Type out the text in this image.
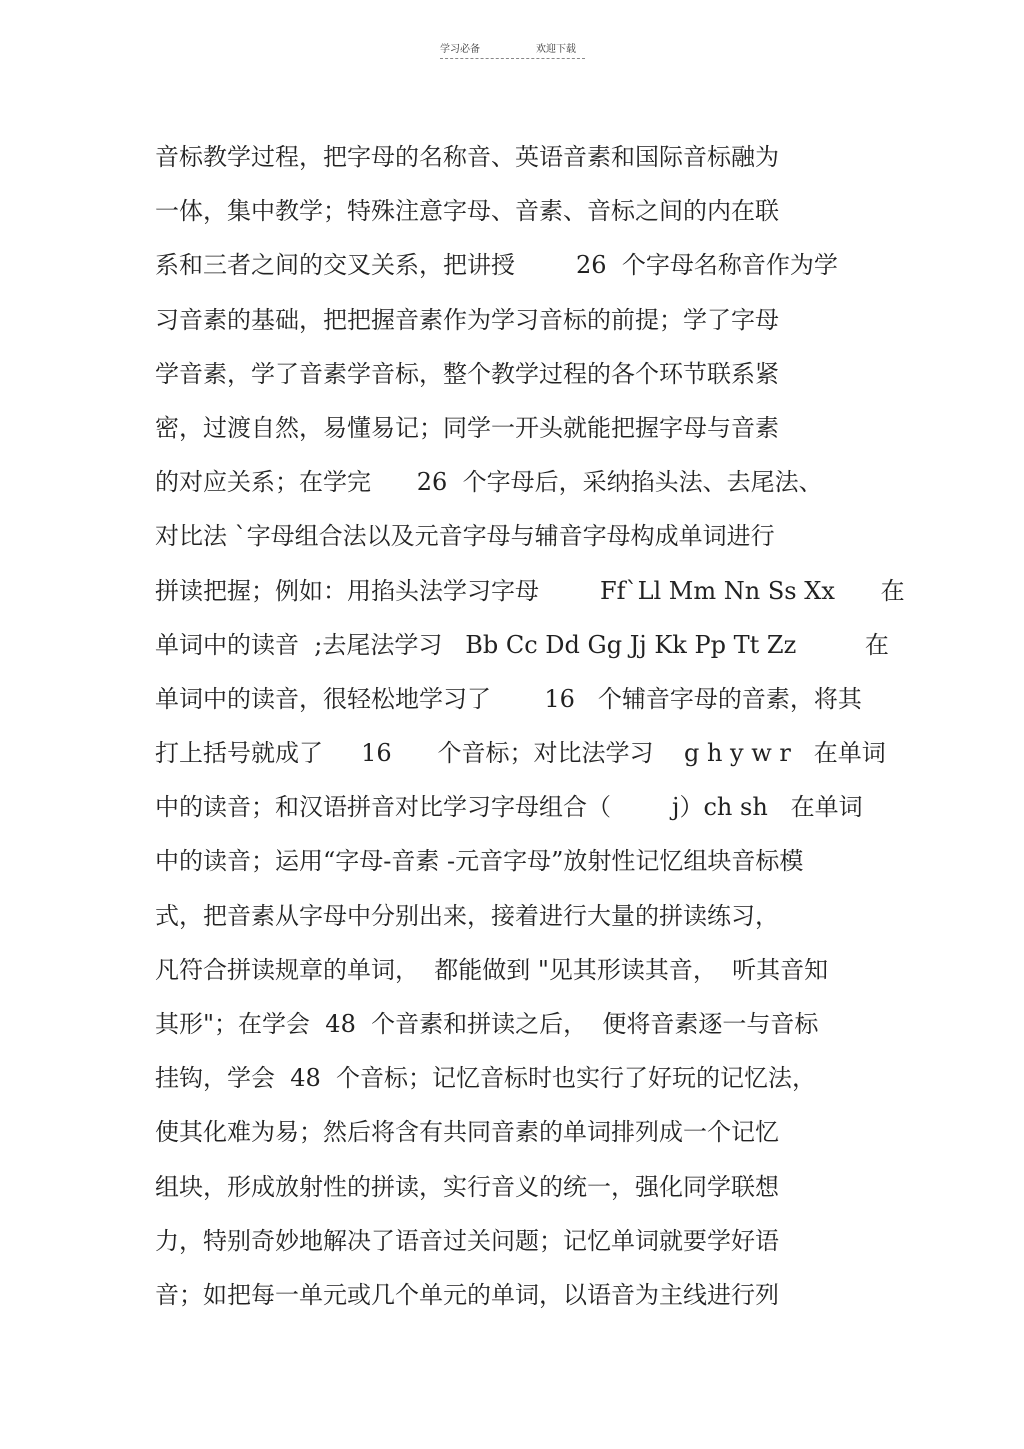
学习必备	欢迎下载
音标教学过程，把字母的名称音、英语音素和国际音标融为
一体，集中教学；特殊注意字母、音素、音标之间的内在联
系和三者之间的交叉关系，把讲授        26  个字母名称音作为学
习音素的基础，把把握音素作为学习音标的前提；学了字母
学音素，学了音素学音标，整个教学过程的各个环节联系紧
密，过渡自然，易懂易记；同学一开头就能把握字母与音素
的对应关系；在学完      26  个字母后，采纳掐头法、去尾法、
对比法 `字母组合法以及元音字母与辅音字母构成单词进行
拼读把握；例如：用掐头法学习字母        Ff`Ll Mm Nn Ss Xx      在
单词中的读音  ;去尾法学习   Bb Cc Dd Gg Jj Kk Pp Tt Zz         在
单词中的读音，很轻松地学习了       16   个辅音字母的音素，将其
打上括号就成了     16      个音标；对比法学习    g h y w r   在单词
中的读音；和汉语拼音对比学习字母组合（        j）ch sh   在单词
中的读音；运用“字母-音素 -元音字母”放射性记忆组块音标模
式，把音素从字母中分别出来，接着进行大量的拼读练习，
凡符合拼读规章的单词，  都能做到 "见其形读其音，  听其音知
其形"；在学会  48  个音素和拼读之后，  便将音素逐一与音标
挂钩，学会  48  个音标；记忆音标时也实行了好玩的记忆法，
使其化难为易；然后将含有共同音素的单词排列成一个记忆
组块，形成放射性的拼读，实行音义的统一，强化同学联想
力，特别奇妙地解决了语音过关问题；记忆单词就要学好语
音；如把每一单元或几个单元的单词，以语音为主线进行列
